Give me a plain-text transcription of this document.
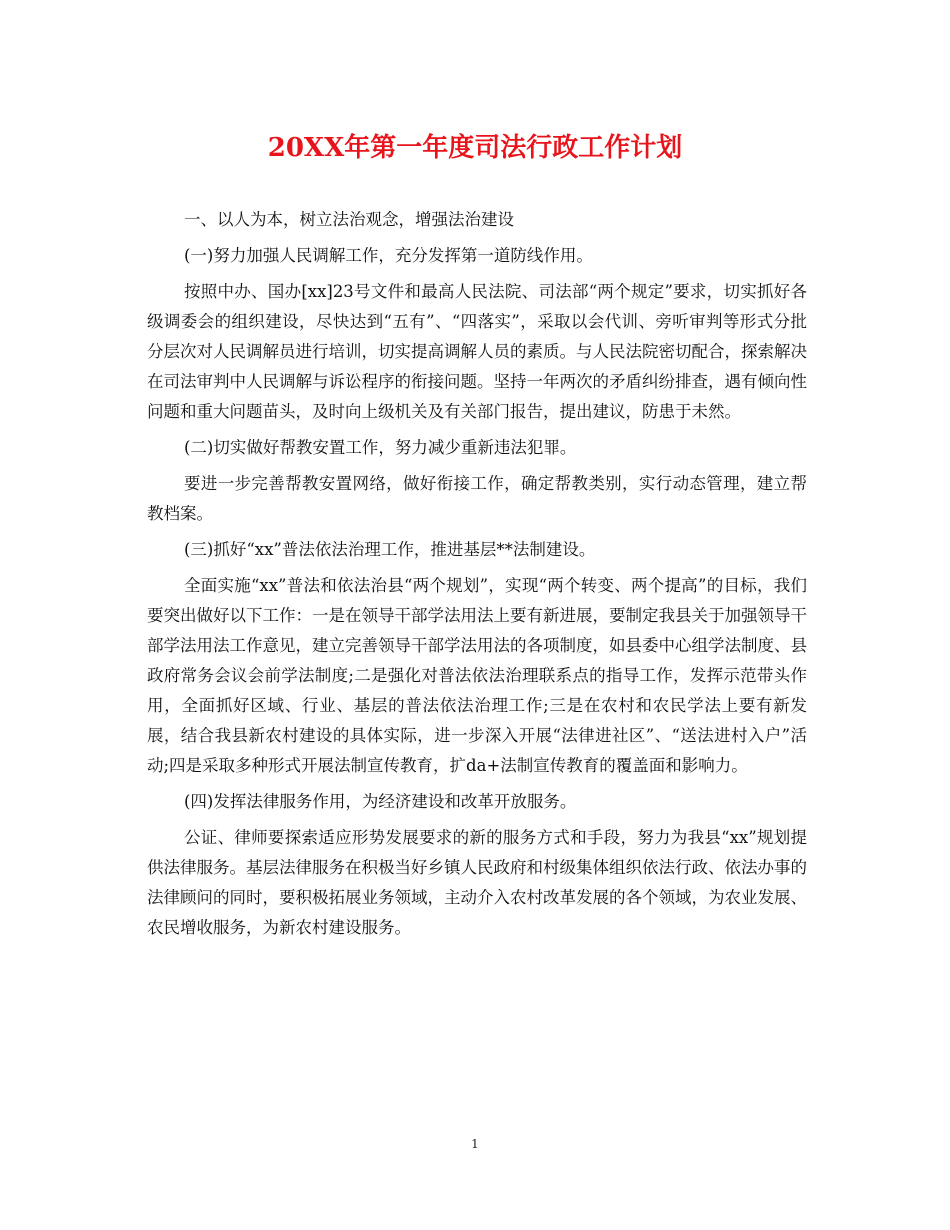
20XX年第一年度司法行政工作计划

一、以人为本，树立法治观念，增强法治建设

(一)努力加强人民调解工作，充分发挥第一道防线作用。

按照中办、国办[xx]23号文件和最高人民法院、司法部“两个规定”要求，切实抓好各级调委会的组织建设，尽快达到“五有”、“四落实”，采取以会代训、旁听审判等形式分批分层次对人民调解员进行培训，切实提高调解人员的素质。与人民法院密切配合，探索解决在司法审判中人民调解与诉讼程序的衔接问题。坚持一年两次的矛盾纠纷排查，遇有倾向性问题和重大问题苗头，及时向上级机关及有关部门报告，提出建议，防患于未然。

(二)切实做好帮教安置工作，努力减少重新违法犯罪。

要进一步完善帮教安置网络，做好衔接工作，确定帮教类别，实行动态管理，建立帮教档案。

(三)抓好“xx”普法依法治理工作，推进基层**法制建设。

全面实施“xx”普法和依法治县“两个规划”，实现“两个转变、两个提高”的目标，我们要突出做好以下工作：一是在领导干部学法用法上要有新进展，要制定我县关于加强领导干部学法用法工作意见，建立完善领导干部学法用法的各项制度，如县委中心组学法制度、县政府常务会议会前学法制度;二是强化对普法依法治理联系点的指导工作，发挥示范带头作用，全面抓好区域、行业、基层的普法依法治理工作;三是在农村和农民学法上要有新发展，结合我县新农村建设的具体实际，进一步深入开展“法律进社区”、“送法进村入户”活动;四是采取多种形式开展法制宣传教育，扩da+法制宣传教育的覆盖面和影响力。

(四)发挥法律服务作用，为经济建设和改革开放服务。

公证、律师要探索适应形势发展要求的新的服务方式和手段，努力为我县“xx”规划提供法律服务。基层法律服务在积极当好乡镇人民政府和村级集体组织依法行政、依法办事的法律顾问的同时，要积极拓展业务领域，主动介入农村改革发展的各个领域，为农业发展、农民增收服务，为新农村建设服务。

1
